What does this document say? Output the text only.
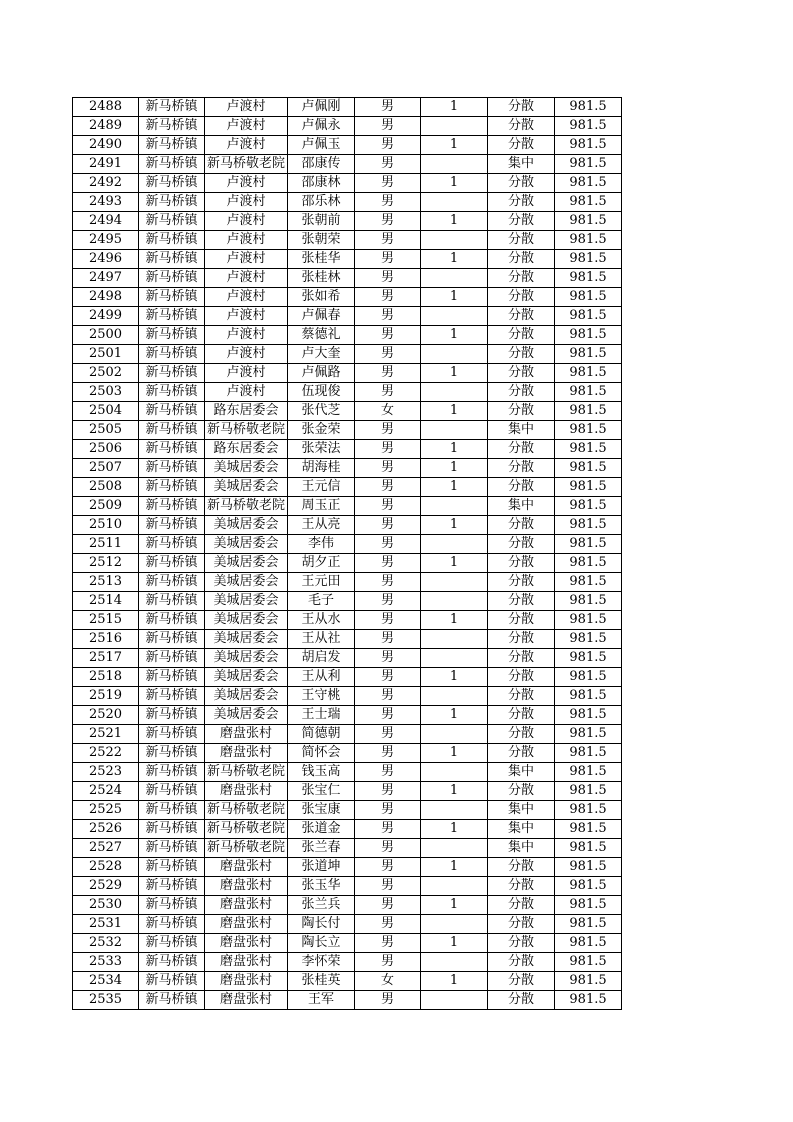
2488	新马桥镇	卢渡村	卢佩刚	男	1	分散	981.5
2489	新马桥镇	卢渡村	卢佩永	男		分散	981.5
2490	新马桥镇	卢渡村	卢佩玉	男	1	分散	981.5
2491	新马桥镇	新马桥敬老院	邵康传	男		集中	981.5
2492	新马桥镇	卢渡村	邵康林	男	1	分散	981.5
2493	新马桥镇	卢渡村	邵乐林	男		分散	981.5
2494	新马桥镇	卢渡村	张朝前	男	1	分散	981.5
2495	新马桥镇	卢渡村	张朝荣	男		分散	981.5
2496	新马桥镇	卢渡村	张桂华	男	1	分散	981.5
2497	新马桥镇	卢渡村	张桂林	男		分散	981.5
2498	新马桥镇	卢渡村	张如希	男	1	分散	981.5
2499	新马桥镇	卢渡村	卢佩春	男		分散	981.5
2500	新马桥镇	卢渡村	蔡德礼	男	1	分散	981.5
2501	新马桥镇	卢渡村	卢大奎	男		分散	981.5
2502	新马桥镇	卢渡村	卢佩路	男	1	分散	981.5
2503	新马桥镇	卢渡村	伍现俊	男		分散	981.5
2504	新马桥镇	路东居委会	张代芝	女	1	分散	981.5
2505	新马桥镇	新马桥敬老院	张金荣	男		集中	981.5
2506	新马桥镇	路东居委会	张荣法	男	1	分散	981.5
2507	新马桥镇	美城居委会	胡海桂	男	1	分散	981.5
2508	新马桥镇	美城居委会	王元信	男	1	分散	981.5
2509	新马桥镇	新马桥敬老院	周玉正	男		集中	981.5
2510	新马桥镇	美城居委会	王从亮	男	1	分散	981.5
2511	新马桥镇	美城居委会	李伟	男		分散	981.5
2512	新马桥镇	美城居委会	胡夕正	男	1	分散	981.5
2513	新马桥镇	美城居委会	王元田	男		分散	981.5
2514	新马桥镇	美城居委会	毛子	男		分散	981.5
2515	新马桥镇	美城居委会	王从水	男	1	分散	981.5
2516	新马桥镇	美城居委会	王从社	男		分散	981.5
2517	新马桥镇	美城居委会	胡启发	男		分散	981.5
2518	新马桥镇	美城居委会	王从利	男	1	分散	981.5
2519	新马桥镇	美城居委会	王守桃	男		分散	981.5
2520	新马桥镇	美城居委会	王士瑞	男	1	分散	981.5
2521	新马桥镇	磨盘张村	简德朝	男		分散	981.5
2522	新马桥镇	磨盘张村	简怀会	男	1	分散	981.5
2523	新马桥镇	新马桥敬老院	钱玉高	男		集中	981.5
2524	新马桥镇	磨盘张村	张宝仁	男	1	分散	981.5
2525	新马桥镇	新马桥敬老院	张宝康	男		集中	981.5
2526	新马桥镇	新马桥敬老院	张道金	男	1	集中	981.5
2527	新马桥镇	新马桥敬老院	张兰春	男		集中	981.5
2528	新马桥镇	磨盘张村	张道坤	男	1	分散	981.5
2529	新马桥镇	磨盘张村	张玉华	男		分散	981.5
2530	新马桥镇	磨盘张村	张兰兵	男	1	分散	981.5
2531	新马桥镇	磨盘张村	陶长付	男		分散	981.5
2532	新马桥镇	磨盘张村	陶长立	男	1	分散	981.5
2533	新马桥镇	磨盘张村	李怀荣	男		分散	981.5
2534	新马桥镇	磨盘张村	张桂英	女	1	分散	981.5
2535	新马桥镇	磨盘张村	王军	男		分散	981.5
